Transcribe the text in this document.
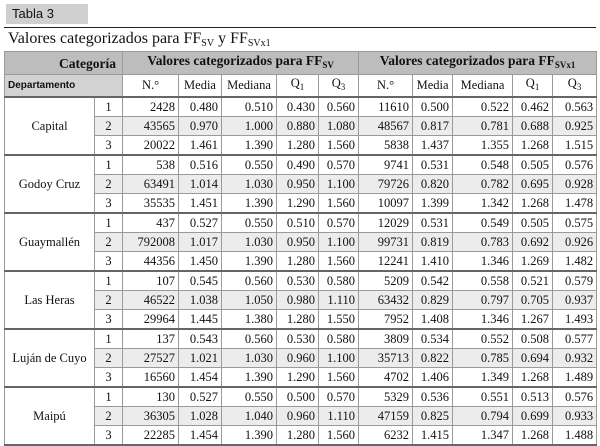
Tabla 3
Valores categorizados para $FF_{SV}$ y $FF_{SVx1}$
Categoría		Valores categorizados para $FF_{SV}$					Valores categorizados para $FF_{SVx1}$
Departamento		N.°	Media	Mediana	$Q_1$	$Q_3$	N.°	Media	Mediana	$Q_1$	$Q_3$
Capital	1	2428	0.480	0.510	0.430	0.560	11610	0.500	0.522	0.462	0.563
	2	43565	0.970	1.000	0.880	1.080	48567	0.817	0.781	0.688	0.925
	3	20022	1.461	1.390	1.280	1.560	5838	1.437	1.355	1.268	1.515
Godoy Cruz	1	538	0.516	0.550	0.490	0.570	9741	0.531	0.548	0.505	0.576
	2	63491	1.014	1.030	0.950	1.100	79726	0.820	0.782	0.695	0.928
	3	35535	1.451	1.390	1.290	1.560	10097	1.399	1.342	1.268	1.478
Guaymallén	1	437	0.527	0.550	0.510	0.570	12029	0.531	0.549	0.505	0.575
	2	792008	1.017	1.030	0.950	1.100	99731	0.819	0.783	0.692	0.926
	3	44356	1.450	1.390	1.280	1.560	12241	1.410	1.346	1.269	1.482
Las Heras	1	107	0.545	0.560	0.530	0.580	5209	0.542	0.558	0.521	0.579
	2	46522	1.038	1.050	0.980	1.110	63432	0.829	0.797	0.705	0.937
	3	29964	1.445	1.380	1.280	1.550	7952	1.408	1.346	1.267	1.493
Luján de Cuyo	1	137	0.543	0.560	0.530	0.580	3809	0.534	0.552	0.508	0.577
	2	27527	1.021	1.030	0.960	1.100	35713	0.822	0.785	0.694	0.932
	3	16560	1.454	1.390	1.290	1.560	4702	1.406	1.349	1.268	1.489
Maipú	1	130	0.527	0.550	0.500	0.570	5329	0.536	0.551	0.513	0.576
	2	36305	1.028	1.040	0.960	1.110	47159	0.825	0.794	0.699	0.933
	3	22285	1.454	1.390	1.280	1.560	6232	1.415	1.347	1.268	1.488
